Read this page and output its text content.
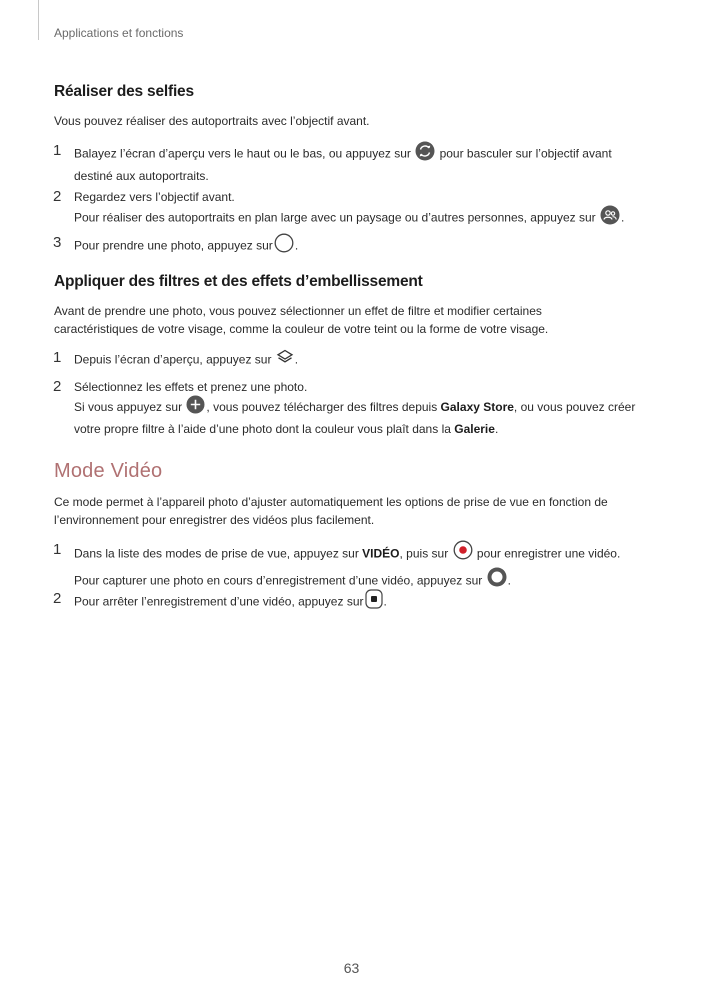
Applications et fonctions
Réaliser des selfies
Vous pouvez réaliser des autoportraits avec l’objectif avant.
1 Balayez l’écran d’aperçu vers le haut ou le bas, ou appuyez sur pour basculer sur l’objectif avant
destiné aux autoportraits.
2 Regardez vers l’objectif avant.
Pour réaliser des autoportraits en plan large avec un paysage ou d’autres personnes, appuyez sur .
3 Pour prendre une photo, appuyez sur .
Appliquer des filtres et des effets d’embellissement
Avant de prendre une photo, vous pouvez sélectionner un effet de filtre et modifier certaines
caractéristiques de votre visage, comme la couleur de votre teint ou la forme de votre visage.
1 Depuis l’écran d’aperçu, appuyez sur .
2 Sélectionnez les effets et prenez une photo.
Si vous appuyez sur , vous pouvez télécharger des filtres depuis Galaxy Store, ou vous pouvez créer
votre propre filtre à l’aide d’une photo dont la couleur vous plaît dans la Galerie.
Mode Vidéo
Ce mode permet à l’appareil photo d’ajuster automatiquement les options de prise de vue en fonction de
l’environnement pour enregistrer des vidéos plus facilement.
1 Dans la liste des modes de prise de vue, appuyez sur VIDÉO, puis sur pour enregistrer une vidéo.
Pour capturer une photo en cours d’enregistrement d’une vidéo, appuyez sur .
2 Pour arrêter l’enregistrement d’une vidéo, appuyez sur .
63
